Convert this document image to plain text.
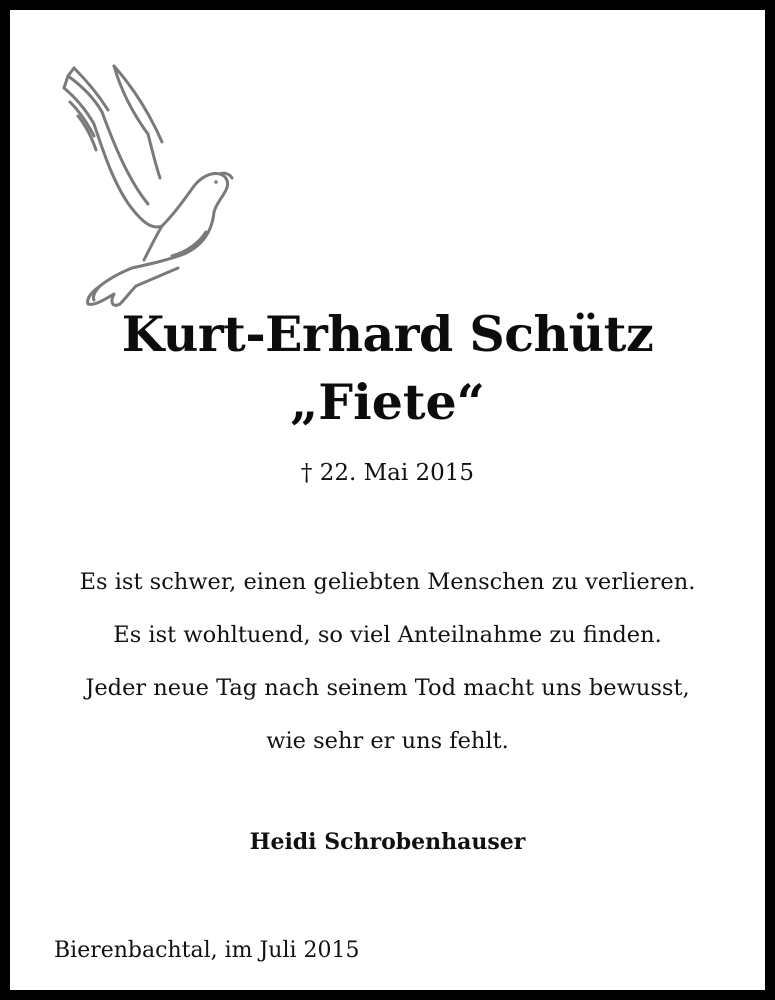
Kurt-Erhard Schütz
„Fiete“
† 22. Mai 2015
Es ist schwer, einen geliebten Menschen zu verlieren.
Es ist wohltuend, so viel Anteilnahme zu finden.
Jeder neue Tag nach seinem Tod macht uns bewusst,
wie sehr er uns fehlt.
Heidi Schrobenhauser
Bierenbachtal, im Juli 2015
